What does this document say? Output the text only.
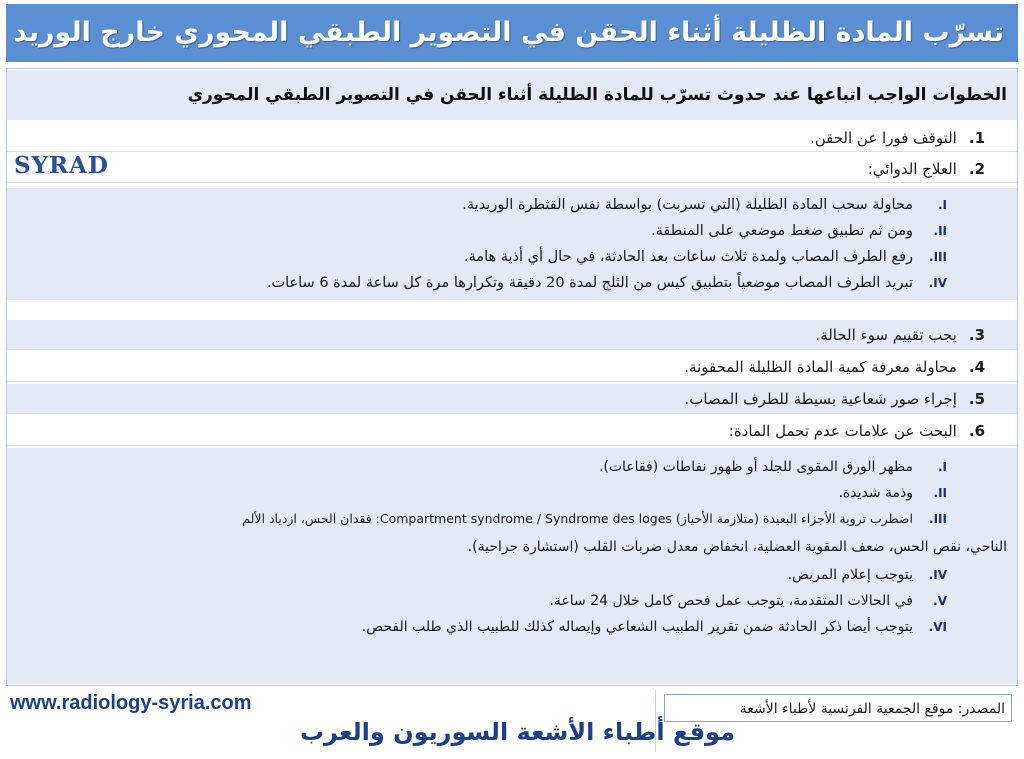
تسرّب المادة الظليلة أثناء الحقن في التصوير الطبقي المحوري خارج الوريد
الخطوات الواجب اتباعها عند حدوث تسرّب للمادة الظليلة أثناء الحقن في التصوير الطبقي المحوري
1.التوقف فورا عن الحقن.
2.العلاج الدوائي:
SYRAD
I.محاولة سحب المادة الظليلة (التي تسربت) بواسطة نفس القثطرة الوريدية.
II.ومن ثم تطبيق ضغط موضعي على المنطقة.
III.رفع الطرف المصاب ولمدة ثلاث ساعات بعد الحادثة، في حال أي أذية هامة.
IV.تبريد الطرف المصاب موضعياً بتطبيق كيس من الثلج لمدة 20 دقيقة وتكرارها مرة كل ساعة لمدة 6 ساعات.
3.يجب تقييم سوء الحالة.
4.محاولة معرفة كمية المادة الظليلة المحقونة.
5.إجراء صور شعاعية بسيطة للطرف المصاب.
6.البحث عن علامات عدم تحمل المادة:
I.مظهر الورق المقوى للجلد أو ظهور نفاطات (فقاعات).
II.وذمة شديدة.
III.اضطرب تروية الأجزاء البعيدة (متلازمة الأحياز) Compartment syndrome / Syndrome des loges: فقدان الحس، ازدياد الألم
الناحي، نقص الحس، ضعف المقوية العضلية، انخفاض معدل ضربات القلب (استشارة جراحية).
IV.يتوجب إعلام المريض.
V.في الحالات المتقدمة، يتوجب عمل فحص كامل خلال 24 ساعة.
VI.يتوجب أيضا ذكر الحادثة ضمن تقرير الطبيب الشعاعي وإيصاله كذلك للطبيب الذي طلب الفحص.
www.radiology-syria.com	المصدر: موقع الجمعية الفرنسية لأطباء الأشعة
موقع أطباء الأشعة السوريون والعرب
